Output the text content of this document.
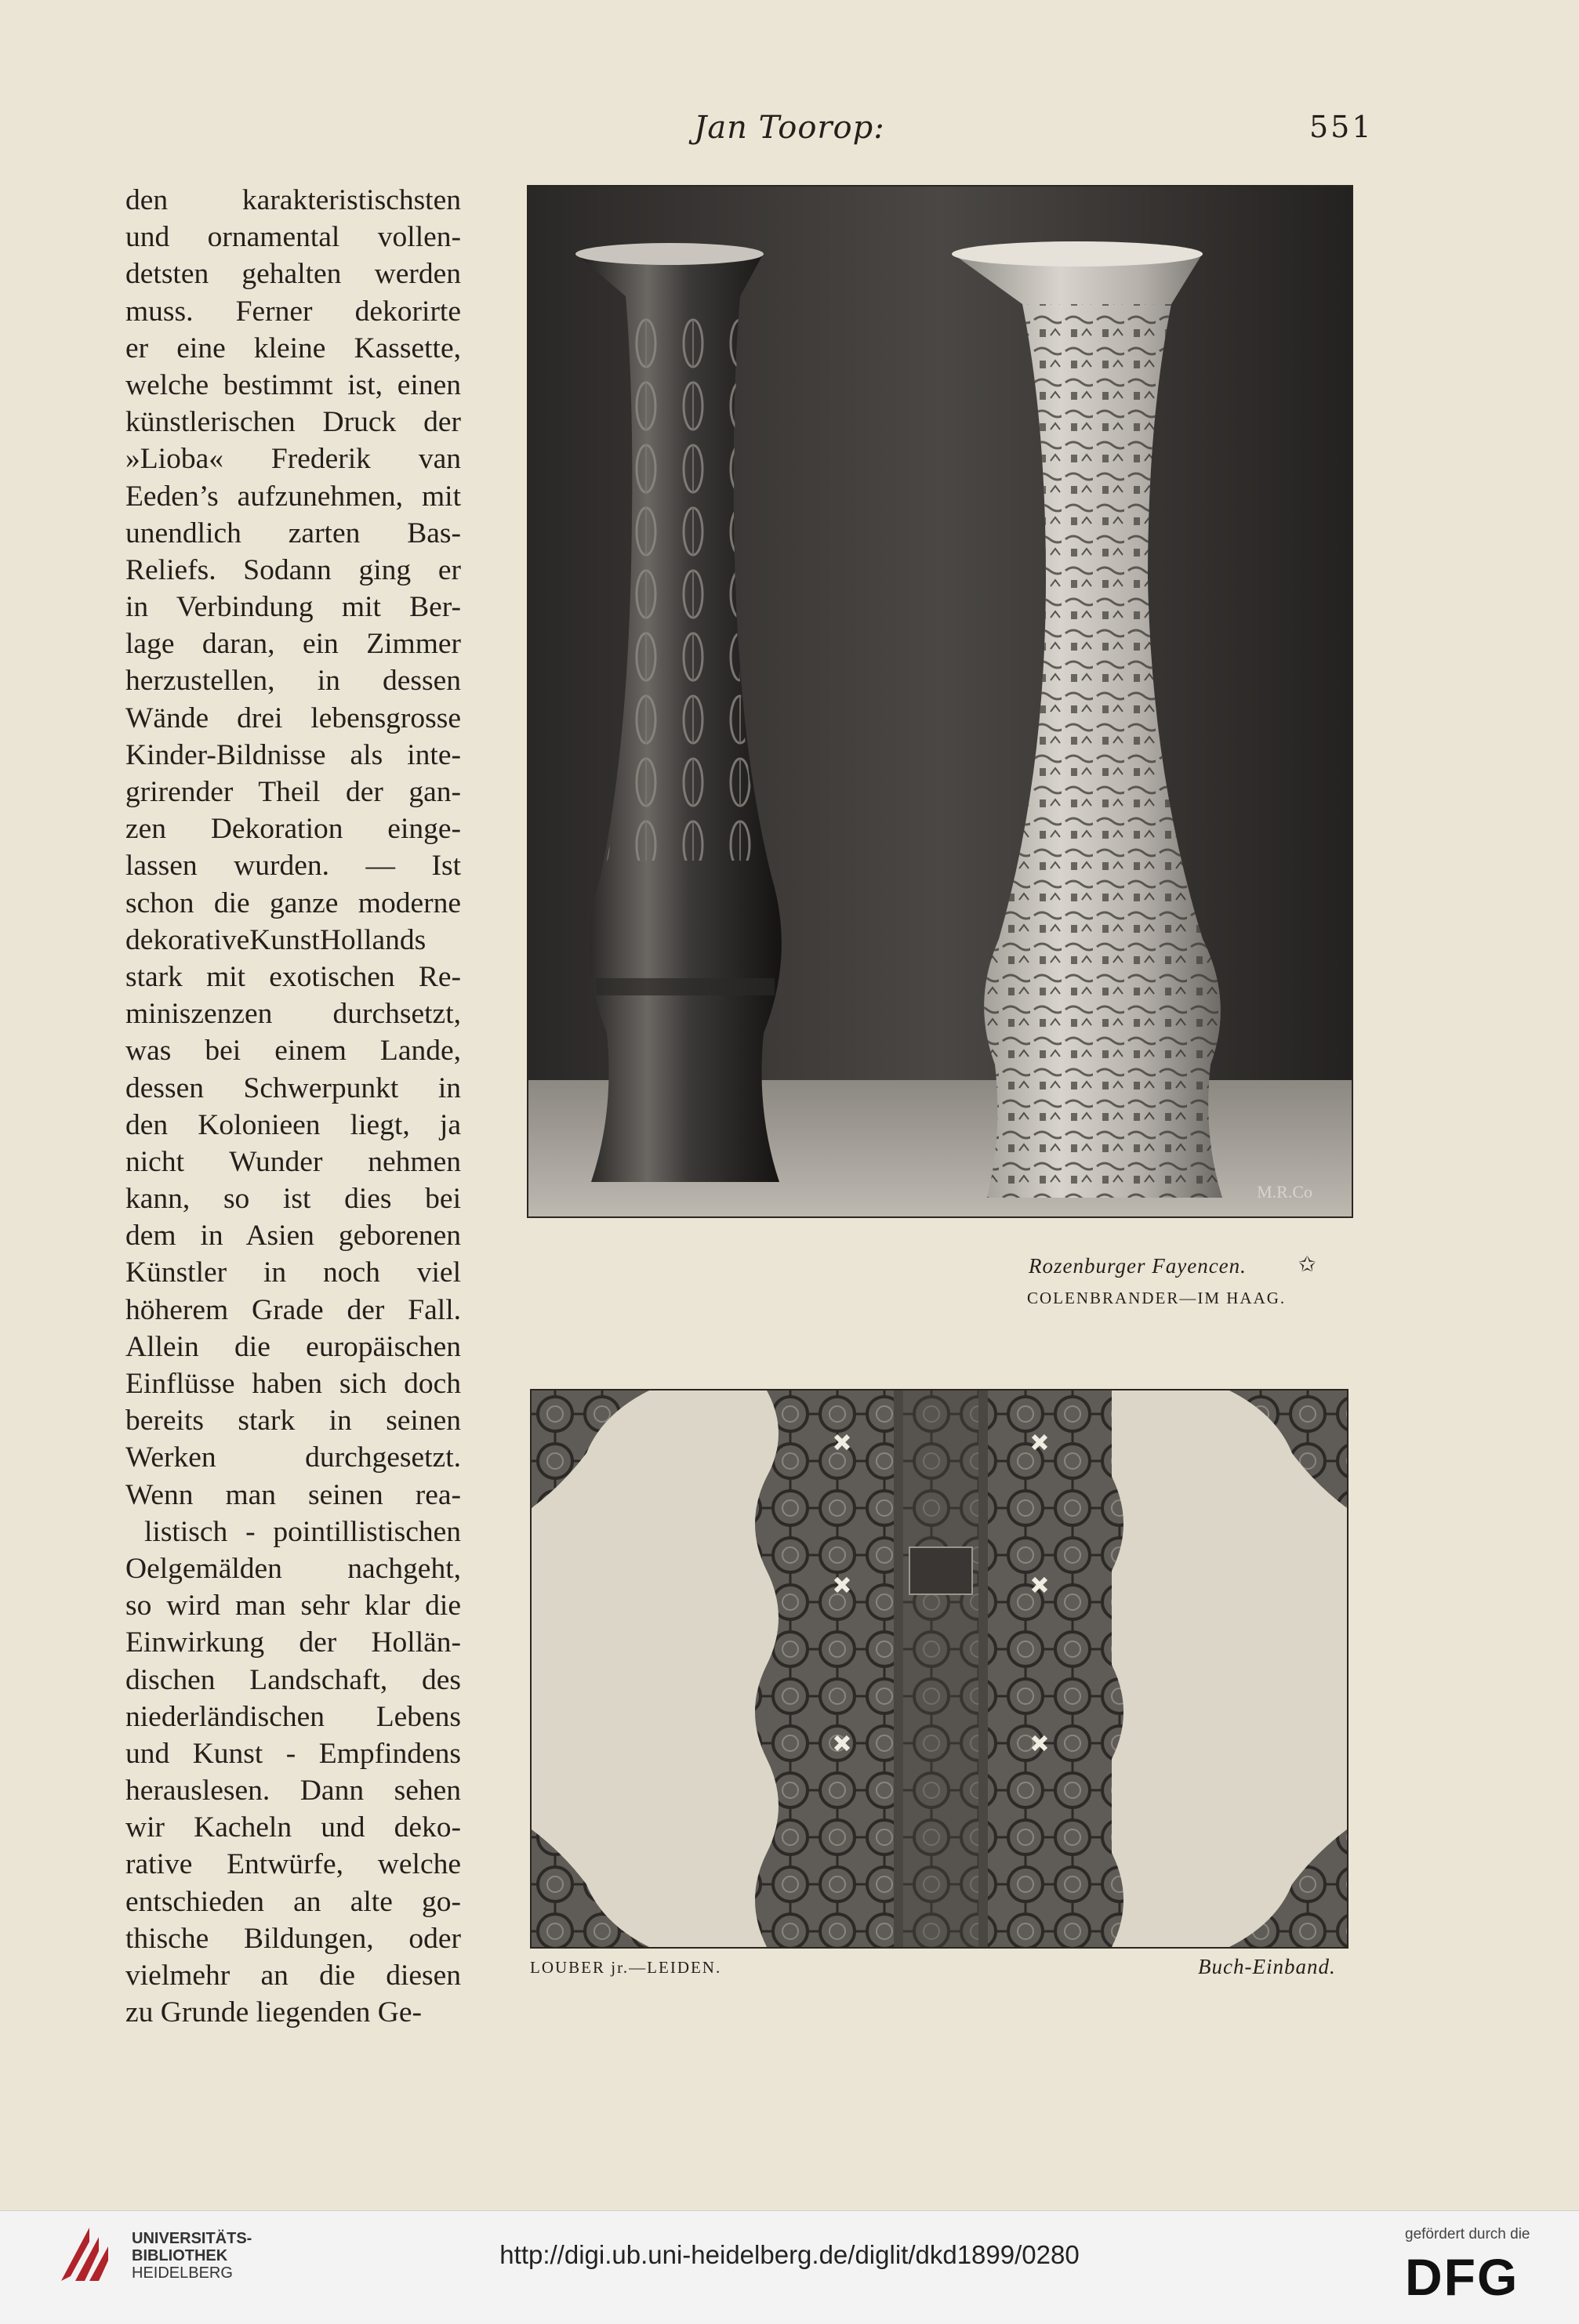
Jan Toorop:	551
den karakteristischsten
und ornamental vollen-
detsten gehalten werden
muss. Ferner dekorirte
er eine kleine Kassette,
welche bestimmt ist, einen
künstlerischen Druck der
»Lioba« Frederik van
Eeden’s aufzunehmen, mit
unendlich zarten Bas-
Reliefs. Sodann ging er
in Verbindung mit Ber-
lage daran, ein Zimmer
herzustellen, in dessen
Wände drei lebensgrosse
Kinder-Bildnisse als inte-
grirender Theil der gan-
zen Dekoration einge-
lassen wurden. — Ist
schon die ganze moderne
dekorativeKunstHollands
stark mit exotischen Re-
miniszenzen durchsetzt,
was bei einem Lande,
dessen Schwerpunkt in
den Kolonieen liegt, ja
nicht Wunder nehmen
kann, so ist dies bei
dem in Asien geborenen
Künstler in noch viel
höherem Grade der Fall.
Allein die europäischen
Einflüsse haben sich doch
bereits stark in seinen
Werken durchgesetzt.
Wenn man seinen rea-
listisch - pointillistischen
Oelgemälden nachgeht,
so wird man sehr klar die
Einwirkung der Hollän-
dischen Landschaft, des
niederländischen Lebens
und Kunst - Empfindens
herauslesen. Dann sehen
wir Kacheln und deko-
rative Entwürfe, welche
entschieden an alte go-
thische Bildungen, oder
vielmehr an die diesen
zu Grunde liegenden Ge-
M.R.Co
Rozenburger Fayencen. ✩
COLENBRANDER—IM HAAG.
LOUBER jr.—LEIDEN.	Buch-Einband.
UNIVERSITÄTS-
BIBLIOTHEK
HEIDELBERG
http://digi.ub.uni-heidelberg.de/diglit/dkd1899/0280
gefördert durch die
DFG
